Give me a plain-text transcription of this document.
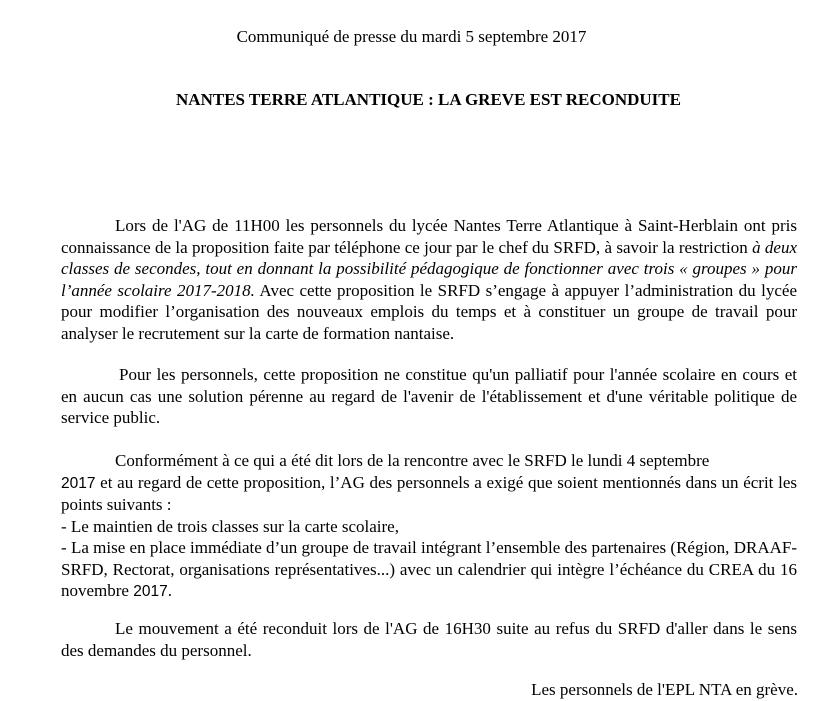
Communiqué de presse du mardi 5 septembre 2017

NANTES TERRE ATLANTIQUE : LA GREVE EST RECONDUITE

Lors de l'AG de 11H00 les personnels du lycée Nantes Terre Atlantique à Saint-Herblain ont pris connaissance de la proposition faite par téléphone ce jour par le chef du SRFD, à savoir la restriction à deux classes de secondes, tout en donnant la possibilité pédagogique de fonctionner avec trois « groupes » pour l’année scolaire 2017-2018. Avec cette proposition le SRFD s’engage à appuyer l’administration du lycée pour modifier l’organisation des nouveaux emplois du temps et à constituer un groupe de travail pour analyser le recrutement sur la carte de formation nantaise.

Pour les personnels, cette proposition ne constitue qu'un palliatif pour l'année scolaire en cours et en aucun cas une solution pérenne au regard de l'avenir de l'établissement et d'une véritable politique de service public.

Conformément à ce qui a été dit lors de la rencontre avec le SRFD le lundi 4 septembre
2017 et au regard de cette proposition, l’AG des personnels a exigé que soient mentionnés dans un écrit les points suivants :
- Le maintien de trois classes sur la carte scolaire,
- La mise en place immédiate d’un groupe de travail intégrant l’ensemble des partenaires (Région, DRAAF-SRFD, Rectorat, organisations représentatives...) avec un calendrier qui intègre l’échéance du CREA du 16 novembre 2017.

Le mouvement a été reconduit lors de l'AG de 16H30 suite au refus du SRFD d'aller dans le sens des demandes du personnel.

Les personnels de l'EPL NTA en grève.
